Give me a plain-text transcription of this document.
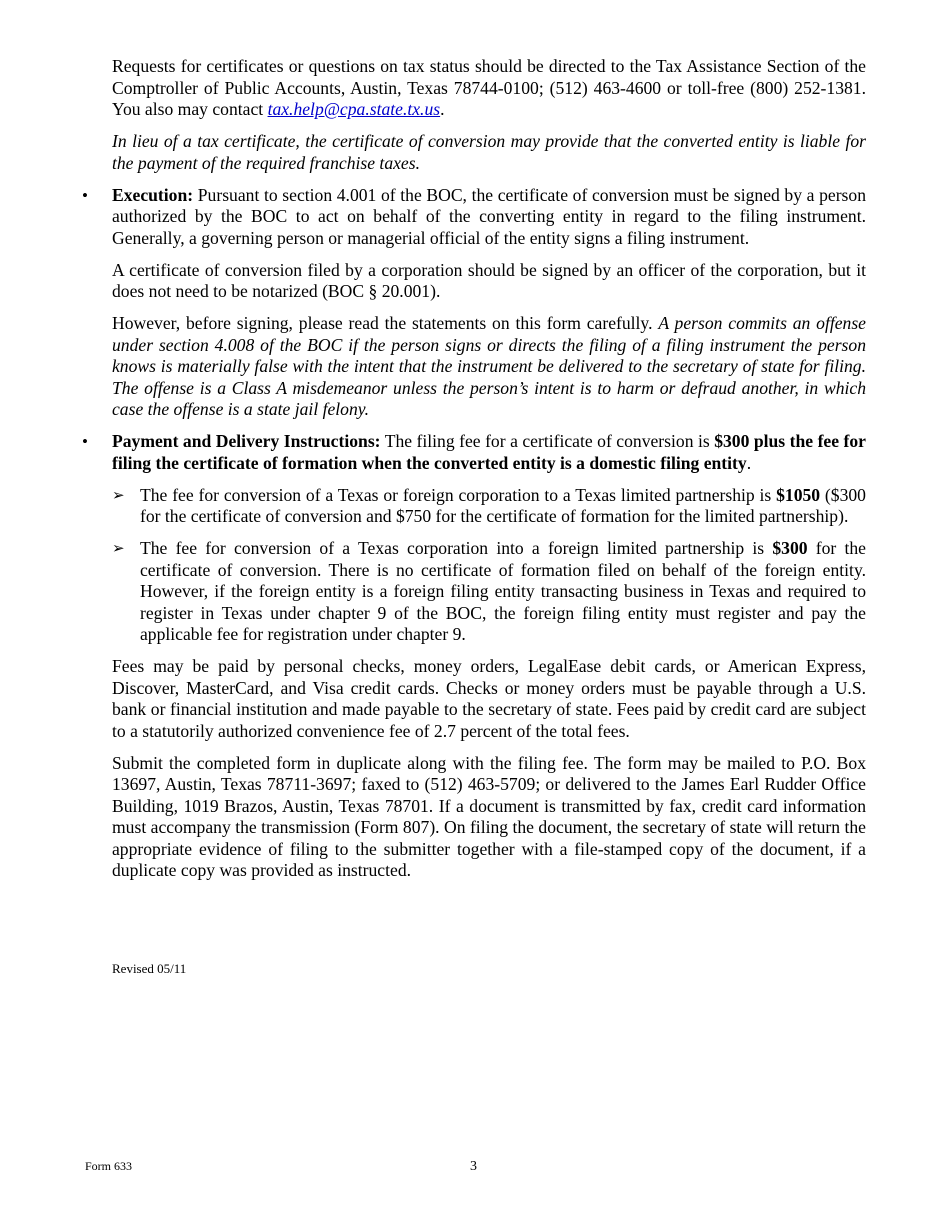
Requests for certificates or questions on tax status should be directed to the Tax Assistance Section of the Comptroller of Public Accounts, Austin, Texas 78744-0100; (512) 463-4600 or toll-free (800) 252-1381. You also may contact tax.help@cpa.state.tx.us.

In lieu of a tax certificate, the certificate of conversion may provide that the converted entity is liable for the payment of the required franchise taxes.

• Execution: Pursuant to section 4.001 of the BOC, the certificate of conversion must be signed by a person authorized by the BOC to act on behalf of the converting entity in regard to the filing instrument. Generally, a governing person or managerial official of the entity signs a filing instrument.

A certificate of conversion filed by a corporation should be signed by an officer of the corporation, but it does not need to be notarized (BOC § 20.001).

However, before signing, please read the statements on this form carefully. A person commits an offense under section 4.008 of the BOC if the person signs or directs the filing of a filing instrument the person knows is materially false with the intent that the instrument be delivered to the secretary of state for filing. The offense is a Class A misdemeanor unless the person’s intent is to harm or defraud another, in which case the offense is a state jail felony.

• Payment and Delivery Instructions: The filing fee for a certificate of conversion is $300 plus the fee for filing the certificate of formation when the converted entity is a domestic filing entity.

➢ The fee for conversion of a Texas or foreign corporation to a Texas limited partnership is $1050 ($300 for the certificate of conversion and $750 for the certificate of formation for the limited partnership).

➢ The fee for conversion of a Texas corporation into a foreign limited partnership is $300 for the certificate of conversion. There is no certificate of formation filed on behalf of the foreign entity. However, if the foreign entity is a foreign filing entity transacting business in Texas and required to register in Texas under chapter 9 of the BOC, the foreign filing entity must register and pay the applicable fee for registration under chapter 9.

Fees may be paid by personal checks, money orders, LegalEase debit cards, or American Express, Discover, MasterCard, and Visa credit cards. Checks or money orders must be payable through a U.S. bank or financial institution and made payable to the secretary of state. Fees paid by credit card are subject to a statutorily authorized convenience fee of 2.7 percent of the total fees.

Submit the completed form in duplicate along with the filing fee. The form may be mailed to P.O. Box 13697, Austin, Texas 78711-3697; faxed to (512) 463-5709; or delivered to the James Earl Rudder Office Building, 1019 Brazos, Austin, Texas 78701. If a document is transmitted by fax, credit card information must accompany the transmission (Form 807). On filing the document, the secretary of state will return the appropriate evidence of filing to the submitter together with a file-stamped copy of the document, if a duplicate copy was provided as instructed.

Revised 05/11
Form 633	3
